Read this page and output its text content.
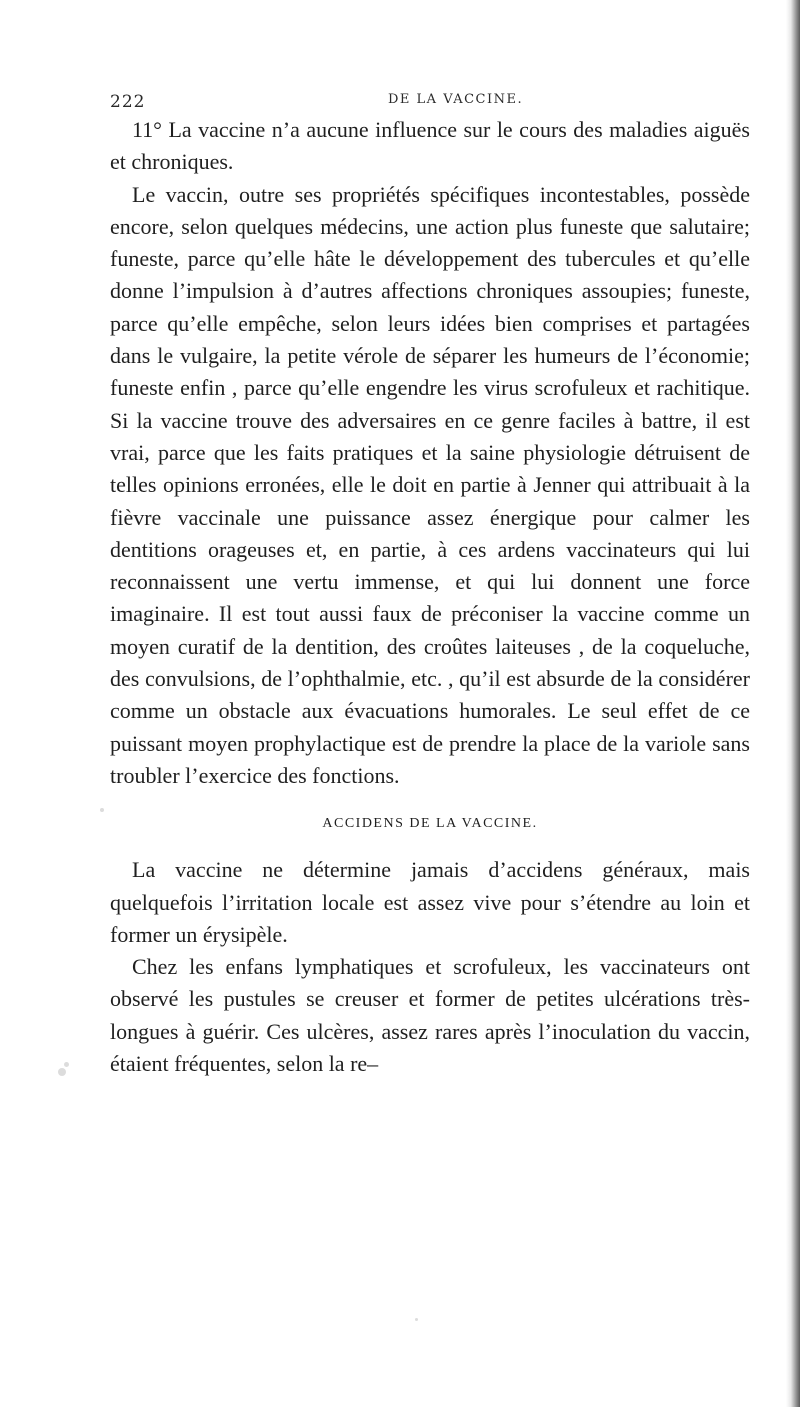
222	DE LA VACCINE.

11° La vaccine n’a aucune influence sur le cours des maladies aiguës et chroniques.

Le vaccin, outre ses propriétés spécifiques incontestables, possède encore, selon quelques médecins, une action plus funeste que salutaire; funeste, parce qu’elle hâte le développement des tubercules et qu’elle donne l’impulsion à d’autres affections chroniques assoupies; funeste, parce qu’elle empêche, selon leurs idées bien comprises et partagées dans le vulgaire, la petite vérole de séparer les humeurs de l’économie; funeste enfin , parce qu’elle engendre les virus scrofuleux et rachitique. Si la vaccine trouve des adversaires en ce genre faciles à battre, il est vrai, parce que les faits pratiques et la saine physiologie détruisent de telles opinions erronées, elle le doit en partie à Jenner qui attribuait à la fièvre vaccinale une puissance assez énergique pour calmer les dentitions orageuses et, en partie, à ces ardens vaccinateurs qui lui reconnaissent une vertu immense, et qui lui donnent une force imaginaire. Il est tout aussi faux de préconiser la vaccine comme un moyen curatif de la dentition, des croûtes laiteuses , de la coqueluche, des convulsions, de l’ophthalmie, etc. , qu’il est absurde de la considérer comme un obstacle aux évacuations humorales. Le seul effet de ce puissant moyen prophylactique est de prendre la place de la variole sans troubler l’exercice des fonctions.

ACCIDENS DE LA VACCINE.

La vaccine ne détermine jamais d’accidens généraux, mais quelquefois l’irritation locale est assez vive pour s’étendre au loin et former un érysipèle.

Chez les enfans lymphatiques et scrofuleux, les vaccinateurs ont observé les pustules se creuser et former de petites ulcérations très-longues à guérir. Ces ulcères, assez rares après l’inoculation du vaccin, étaient fréquentes, selon la re–
